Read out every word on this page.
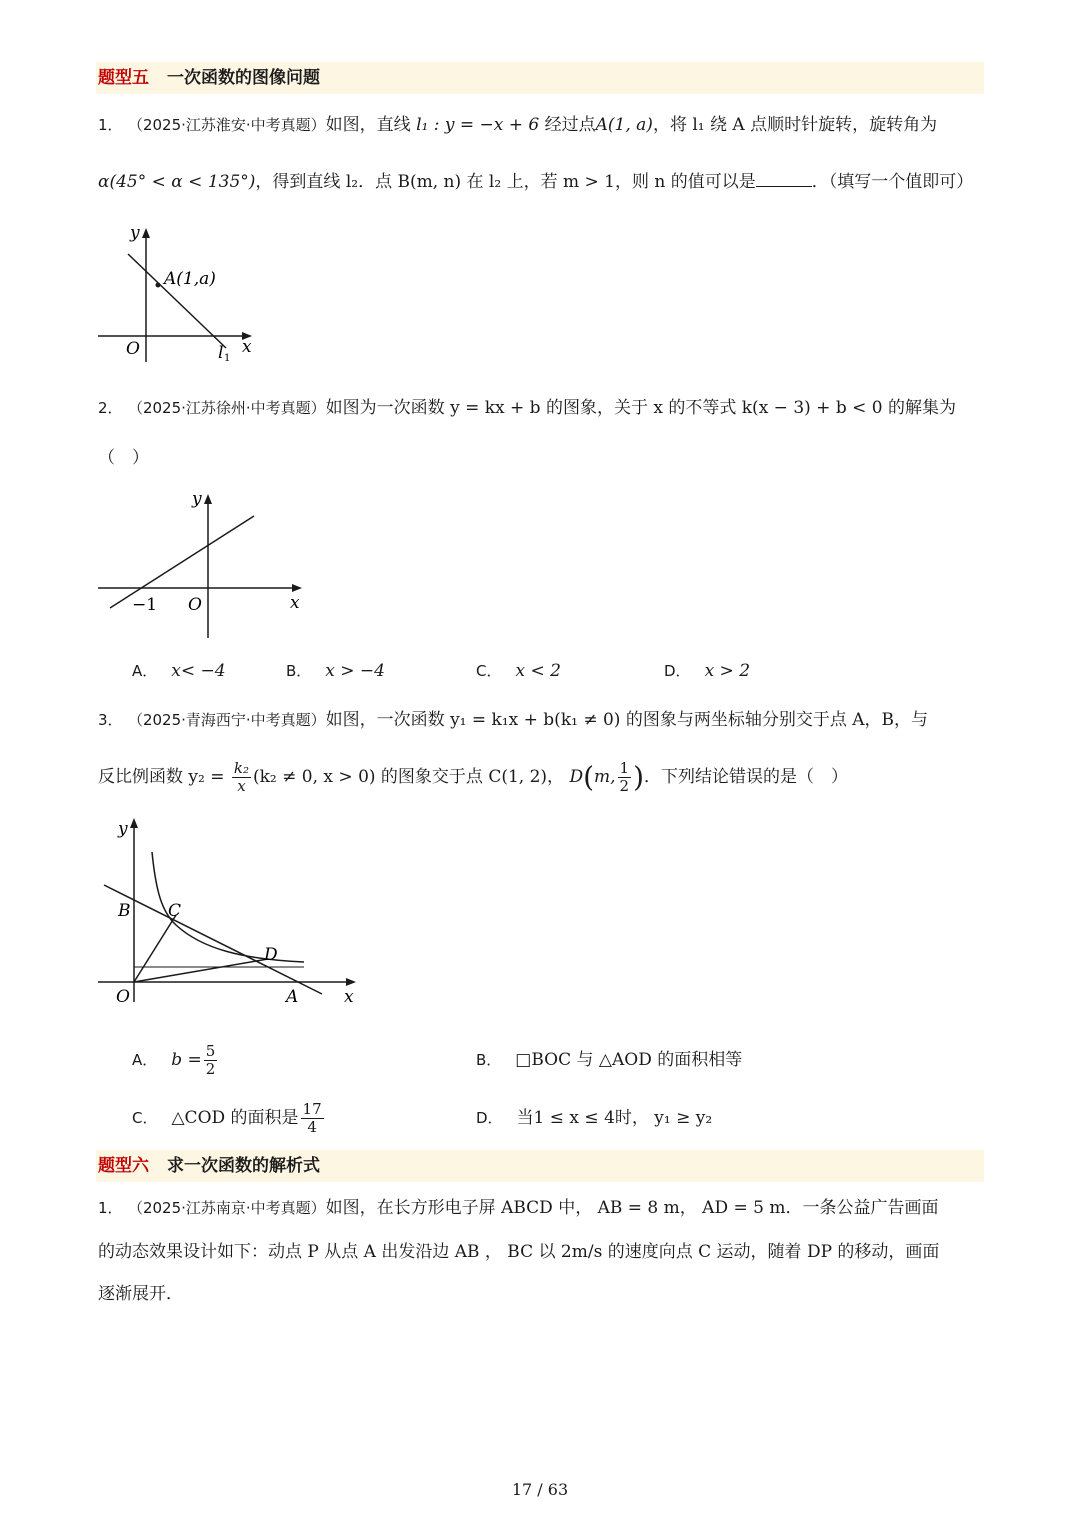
题型五 一次函数的图像问题
1． （2025·江苏淮安·中考真题）如图，直线 l₁ : y = −x + 6 经过点A(1, a)，将 l₁ 绕 A 点顺时针旋转，旋转角为
α(45° < α < 135°)，得到直线 l₂．点 B(m, n) 在 l₂ 上，若 m > 1，则 n 的值可以是	．（填写一个值即可）
y
x
O
A(1,a)
l 1
2． （2025·江苏徐州·中考真题）如图为一次函数 y = kx + b 的图象，关于 x 的不等式 k(x − 3) + b < 0 的解集为
（　）
y
x
O
−1
A． x< −4	B． x > −4	C． x < 2	D． x > 2
3． （2025·青海西宁·中考真题）如图，一次函数 y₁ = k₁x + b(k₁ ≠ 0) 的图象与两坐标轴分别交于点 A，B，与
反比例函数 $y_2 = \frac{\text{k₂}}{x} (k_2 \ne 0$, x > 0) 的图象交于点 C(1, 2)， D(m, $\frac{1}{2}$ )．下列结论错误的是（　）
y
x
O	A
B C
D
A． $b = \frac{5}{2}$	B． □BOC 与 △AOD 的面积相等
C． △COD 的面积是 $\frac{17}{4}$	D． 当1 ≤ x ≤ 4时， y₁ ≥ y₂
题型六 求一次函数的解析式
1． （2025·江苏南京·中考真题）如图，在长方形电子屏 ABCD 中， AB = 8 m， AD = 5 m．一条公益广告画面
的动态效果设计如下：动点 P 从点 A 出发沿边 AB ， BC 以 2m/s 的速度向点 C 运动，随着 DP 的移动，画面
逐渐展开．
17 / 63
